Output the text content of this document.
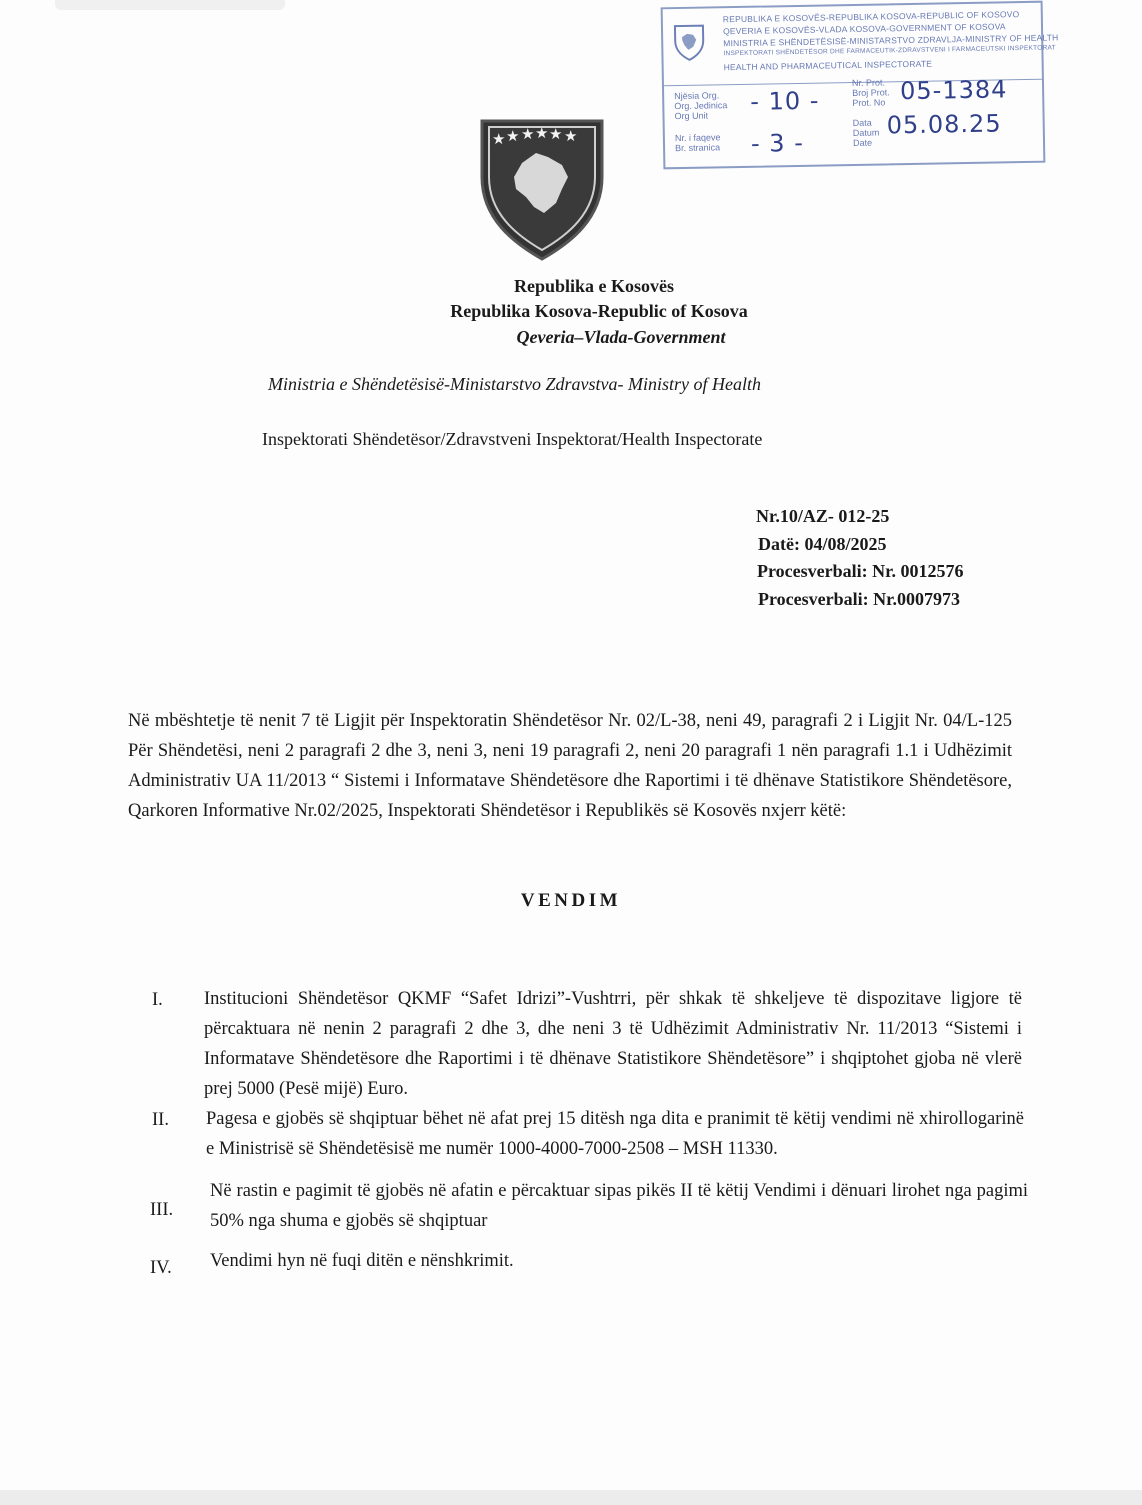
REPUBLIKA E KOSOVËS-REPUBLIKA KOSOVA-REPUBLIC OF KOSOVO
QEVERIA E KOSOVËS-VLADA KOSOVA-GOVERNMENT OF KOSOVA
MINISTRIA E SHËNDETËSISË-MINISTARSTVO ZDRAVLJA-MINISTRY OF HEALTH
INSPEKTORATI SHËNDETËSOR DHE FARMACEUTIK-ZDRAVSTVENI I FARMACEUTSKI INSPEKTORAT
HEALTH AND PHARMACEUTICAL INSPECTORATE
Njësia Org.
Org. Jedinica
Org Unit
- 10 -
Nr. i faqeve
Br. stranica - 3 -
Nr. Prot.
Broj Prot.
Prot. No 05-1384
Data
Datum
Date
05.08.25
★ ★ ★ ★ ★ ★
Republika e Kosovës
Republika Kosova-Republic of Kosova
Qeveria–Vlada-Government
Ministria e Shëndetësisë-Ministarstvo Zdravstva- Ministry of Health
Inspektorati Shëndetësor/Zdravstveni Inspektorat/Health Inspectorate
Nr.10/AZ- 012-25
Datë: 04/08/2025
Procesverbali: Nr. 0012576
Procesverbali: Nr.0007973
Në mbështetje të nenit 7 të Ligjit për Inspektoratin Shëndetësor Nr. 02/L-38, neni 49, paragrafi 2 i Ligjit Nr. 04/L-125 Për Shëndetësi, neni 2 paragrafi 2 dhe 3, neni 3, neni 19 paragrafi 2, neni 20 paragrafi 1 nën paragrafi 1.1 i Udhëzimit Administrativ UA 11/2013 “ Sistemi i Informatave Shëndetësore dhe Raportimi i të dhënave Statistikore Shëndetësore, Qarkoren Informative Nr.02/2025, Inspektorati Shëndetësor i Republikës së Kosovës nxjerr këtë:
VENDIM
I. Institucioni Shëndetësor QKMF “Safet Idrizi”-Vushtrri, për shkak të shkeljeve të dispozitave ligjore të përcaktuara në nenin 2 paragrafi 2 dhe 3, dhe neni 3 të Udhëzimit Administrativ Nr. 11/2013 “Sistemi i Informatave Shëndetësore dhe Raportimi i të dhënave Statistikore Shëndetësore” i shqiptohet gjoba në vlerë prej 5000 (Pesë mijë) Euro.
II. Pagesa e gjobës së shqiptuar bëhet në afat prej 15 ditësh nga dita e pranimit të këtij vendimi në xhirollogarinë e Ministrisë së Shëndetësisë me numër 1000-4000-7000-2508 – MSH 11330.
III.
Në rastin e pagimit të gjobës në afatin e përcaktuar sipas pikës II të këtij Vendimi i dënuari lirohet nga pagimi 50% nga shuma e gjobës së shqiptuar
IV. Vendimi hyn në fuqi ditën e nënshkrimit.
